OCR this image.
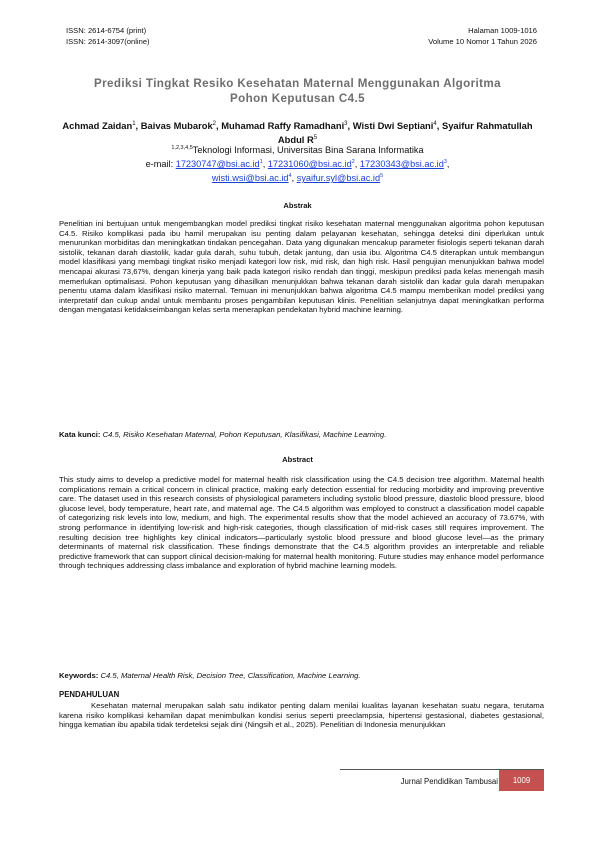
ISSN: 2614-6754 (print)
ISSN: 2614-3097(online)
Halaman 1009-1016
Volume 10 Nomor 1 Tahun 2026
Prediksi Tingkat Resiko Kesehatan Maternal Menggunakan Algoritma
Pohon Keputusan C4.5
Achmad Zaidan$^1$, Baivas Mubarok$^2$, Muhamad Raffy Ramadhani$^3$, Wisti Dwi Septiani$^4$, Syaifur Rahmatullah Abdul $R^5$
$^{1,2,3,4,5}$Teknologi Informasi, Universitas Bina Sarana Informatika
e-mail: $17230747@bsi.ac.id^1$, $17231060@bsi.ac.id^2$, $17230343@bsi.ac.id^3$,
$wisti.wsi@bsi.ac.id^4$, $syaifur.syl@bsi.ac.id^5$
Abstrak
Penelitian ini bertujuan untuk mengembangkan model prediksi tingkat risiko kesehatan maternal menggunakan algoritma pohon keputusan C4.5. Risiko komplikasi pada ibu hamil merupakan isu penting dalam pelayanan kesehatan, sehingga deteksi dini diperlukan untuk menurunkan morbiditas dan meningkatkan tindakan pencegahan. Data yang digunakan mencakup parameter fisiologis seperti tekanan darah sistolik, tekanan darah diastolik, kadar gula darah, suhu tubuh, detak jantung, dan usia ibu. Algoritma C4.5 diterapkan untuk membangun model klasifikasi yang membagi tingkat risiko menjadi kategori low risk, mid risk, dan high risk. Hasil pengujian menunjukkan bahwa model mencapai akurasi 73,67%, dengan kinerja yang baik pada kategori risiko rendah dan tinggi, meskipun prediksi pada kelas menengah masih memerlukan optimalisasi. Pohon keputusan yang dihasilkan menunjukkan bahwa tekanan darah sistolik dan kadar gula darah merupakan penentu utama dalam klasifikasi risiko maternal. Temuan ini menunjukkan bahwa algoritma C4.5 mampu memberikan model prediksi yang interpretatif dan cukup andal untuk membantu proses pengambilan keputusan klinis. Penelitian selanjutnya dapat meningkatkan performa dengan mengatasi ketidakseimbangan kelas serta menerapkan pendekatan hybrid machine learning.
Kata kunci: C4.5, Risiko Kesehatan Maternal, Pohon Keputusan, Klasifikasi, Machine Learning.
Abstract
This study aims to develop a predictive model for maternal health risk classification using the C4.5 decision tree algorithm. Maternal health complications remain a critical concern in clinical practice, making early detection essential for reducing morbidity and improving preventive care. The dataset used in this research consists of physiological parameters including systolic blood pressure, diastolic blood pressure, blood glucose level, body temperature, heart rate, and maternal age. The C4.5 algorithm was employed to construct a classification model capable of categorizing risk levels into low, medium, and high. The experimental results show that the model achieved an accuracy of 73.67%, with strong performance in identifying low-risk and high-risk categories, though classification of mid-risk cases still requires improvement. The resulting decision tree highlights key clinical indicators—particularly systolic blood pressure and blood glucose level—as the primary determinants of maternal risk classification. These findings demonstrate that the C4.5 algorithm provides an interpretable and reliable predictive framework that can support clinical decision-making for maternal health monitoring. Future studies may enhance model performance through techniques addressing class imbalance and exploration of hybrid machine learning models.
Keywords: C4.5, Maternal Health Risk, Decision Tree, Classification, Machine Learning.
PENDAHULUAN
Kesehatan maternal merupakan salah satu indikator penting dalam menilai kualitas layanan kesehatan suatu negara, terutama karena risiko komplikasi kehamilan dapat menimbulkan kondisi serius seperti preeclampsia, hipertensi gestasional, diabetes gestasional, hingga kematian ibu apabila tidak terdeteksi sejak dini (Ningsih et al., 2025). Penelitian di Indonesia menunjukkan
Jurnal Pendidikan Tambusai	1009
